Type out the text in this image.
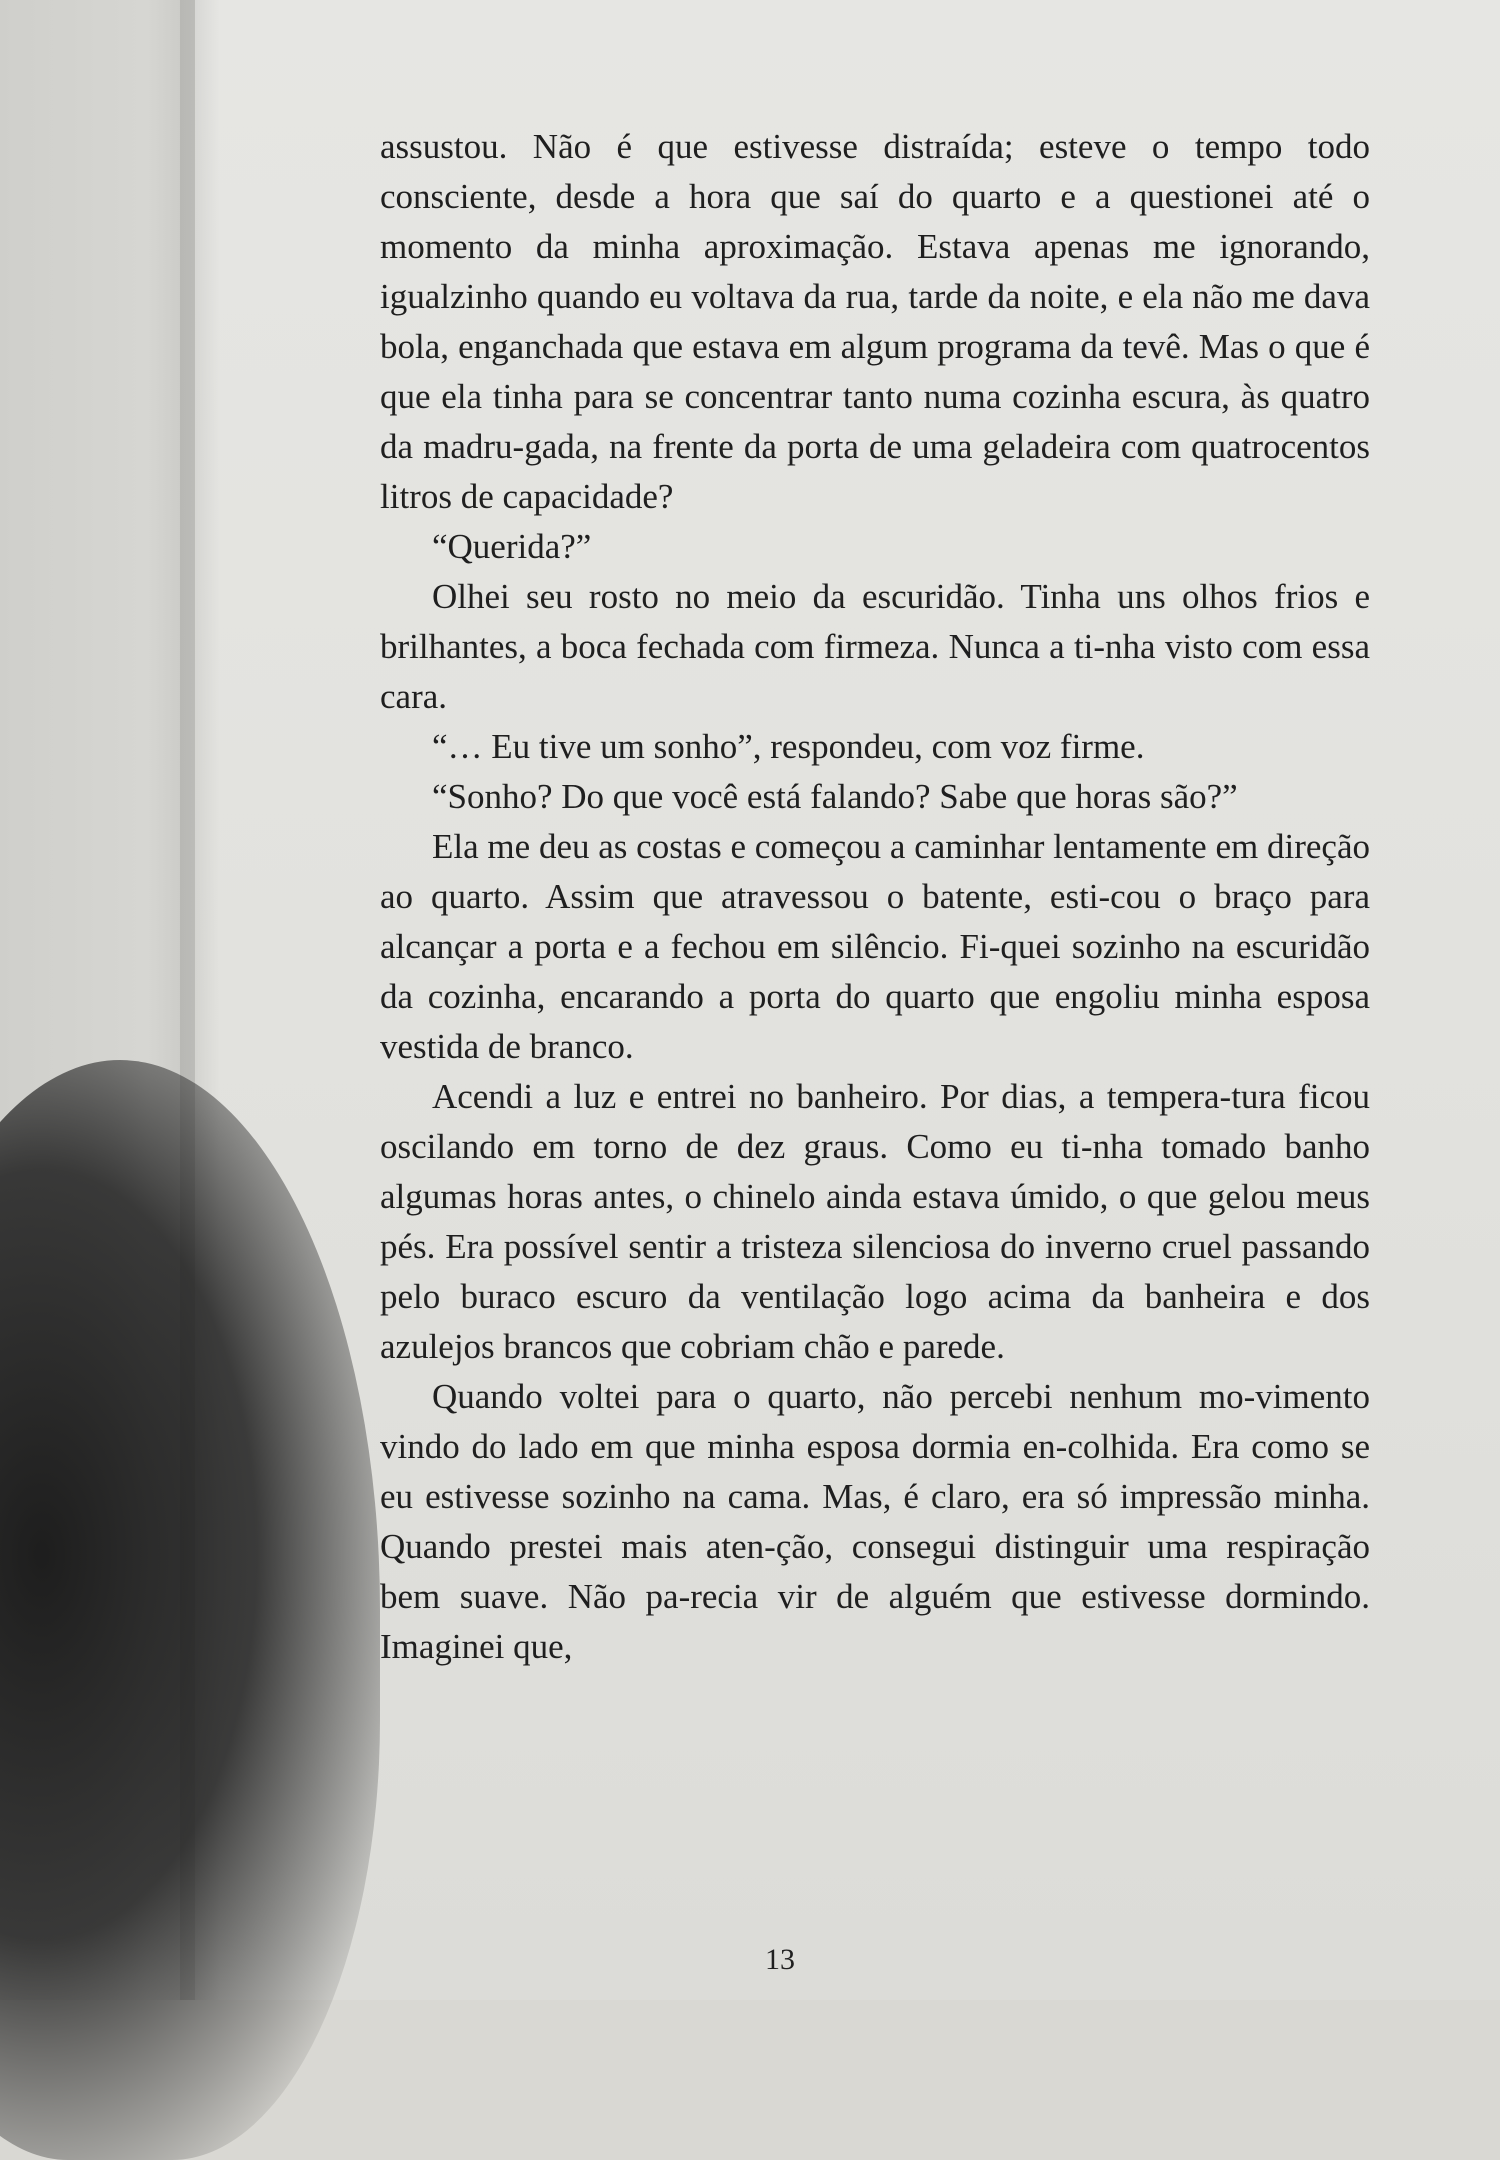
assustou. Não é que estivesse distraída; esteve o tempo todo consciente, desde a hora que saí do quarto e a questionei até o momento da minha aproximação. Estava apenas me ignorando, igualzinho quando eu voltava da rua, tarde da noite, e ela não me dava bola, enganchada que estava em algum programa da tevê. Mas o que é que ela tinha para se concentrar tanto numa cozinha escura, às quatro da madru-gada, na frente da porta de uma geladeira com quatrocentos litros de capacidade?

“Querida?”

Olhei seu rosto no meio da escuridão. Tinha uns olhos frios e brilhantes, a boca fechada com firmeza. Nunca a ti-nha visto com essa cara.

“… Eu tive um sonho”, respondeu, com voz firme.

“Sonho? Do que você está falando? Sabe que horas são?”

Ela me deu as costas e começou a caminhar lentamente em direção ao quarto. Assim que atravessou o batente, esti-cou o braço para alcançar a porta e a fechou em silêncio. Fi-quei sozinho na escuridão da cozinha, encarando a porta do quarto que engoliu minha esposa vestida de branco.

Acendi a luz e entrei no banheiro. Por dias, a tempera-tura ficou oscilando em torno de dez graus. Como eu ti-nha tomado banho algumas horas antes, o chinelo ainda estava úmido, o que gelou meus pés. Era possível sentir a tristeza silenciosa do inverno cruel passando pelo buraco escuro da ventilação logo acima da banheira e dos azulejos brancos que cobriam chão e parede.

Quando voltei para o quarto, não percebi nenhum mo-vimento vindo do lado em que minha esposa dormia en-colhida. Era como se eu estivesse sozinho na cama. Mas, é claro, era só impressão minha. Quando prestei mais aten-ção, consegui distinguir uma respiração bem suave. Não pa-recia vir de alguém que estivesse dormindo. Imaginei que,

13
